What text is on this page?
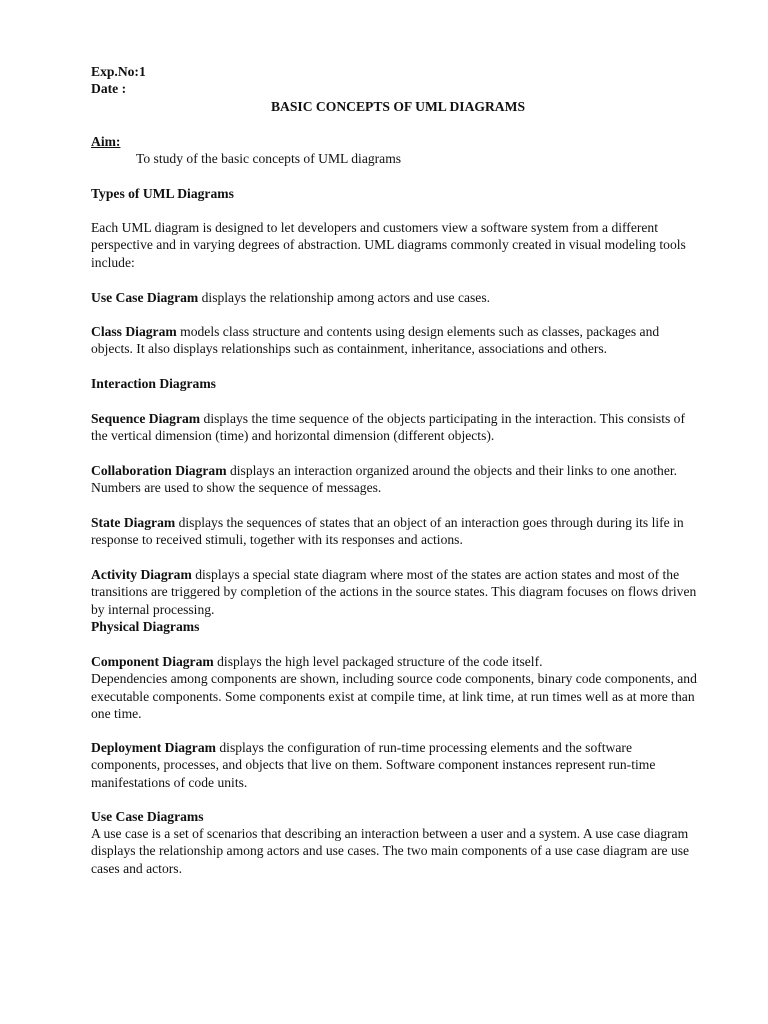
Exp.No:1

Date :

BASIC CONCEPTS OF UML DIAGRAMS

Aim:

To study of the basic concepts of UML diagrams

Types of UML Diagrams

Each UML diagram is designed to let developers and customers view a software system from a different perspective and in varying degrees of abstraction. UML diagrams commonly created in visual modeling tools include:

Use Case Diagram displays the relationship among actors and use cases.

Class Diagram models class structure and contents using design elements such as classes, packages and objects. It also displays relationships such as containment, inheritance, associations and others.

Interaction Diagrams

Sequence Diagram displays the time sequence of the objects participating in the interaction. This consists of the vertical dimension (time) and horizontal dimension (different objects).

Collaboration Diagram displays an interaction organized around the objects and their links to one another. Numbers are used to show the sequence of messages.

State Diagram displays the sequences of states that an object of an interaction goes through during its life in response to received stimuli, together with its responses and actions.

Activity Diagram displays a special state diagram where most of the states are action states and most of the transitions are triggered by completion of the actions in the source states. This diagram focuses on flows driven by internal processing.

Physical Diagrams

Component Diagram displays the high level packaged structure of the code itself.
Dependencies among components are shown, including source code components, binary code components, and executable components. Some components exist at compile time, at link time, at run times well as at more than one time.

Deployment Diagram displays the configuration of run-time processing elements and the software components, processes, and objects that live on them. Software component instances represent run-time manifestations of code units.

Use Case Diagrams

A use case is a set of scenarios that describing an interaction between a user and a system. A use case diagram displays the relationship among actors and use cases. The two main components of a use case diagram are use cases and actors.
